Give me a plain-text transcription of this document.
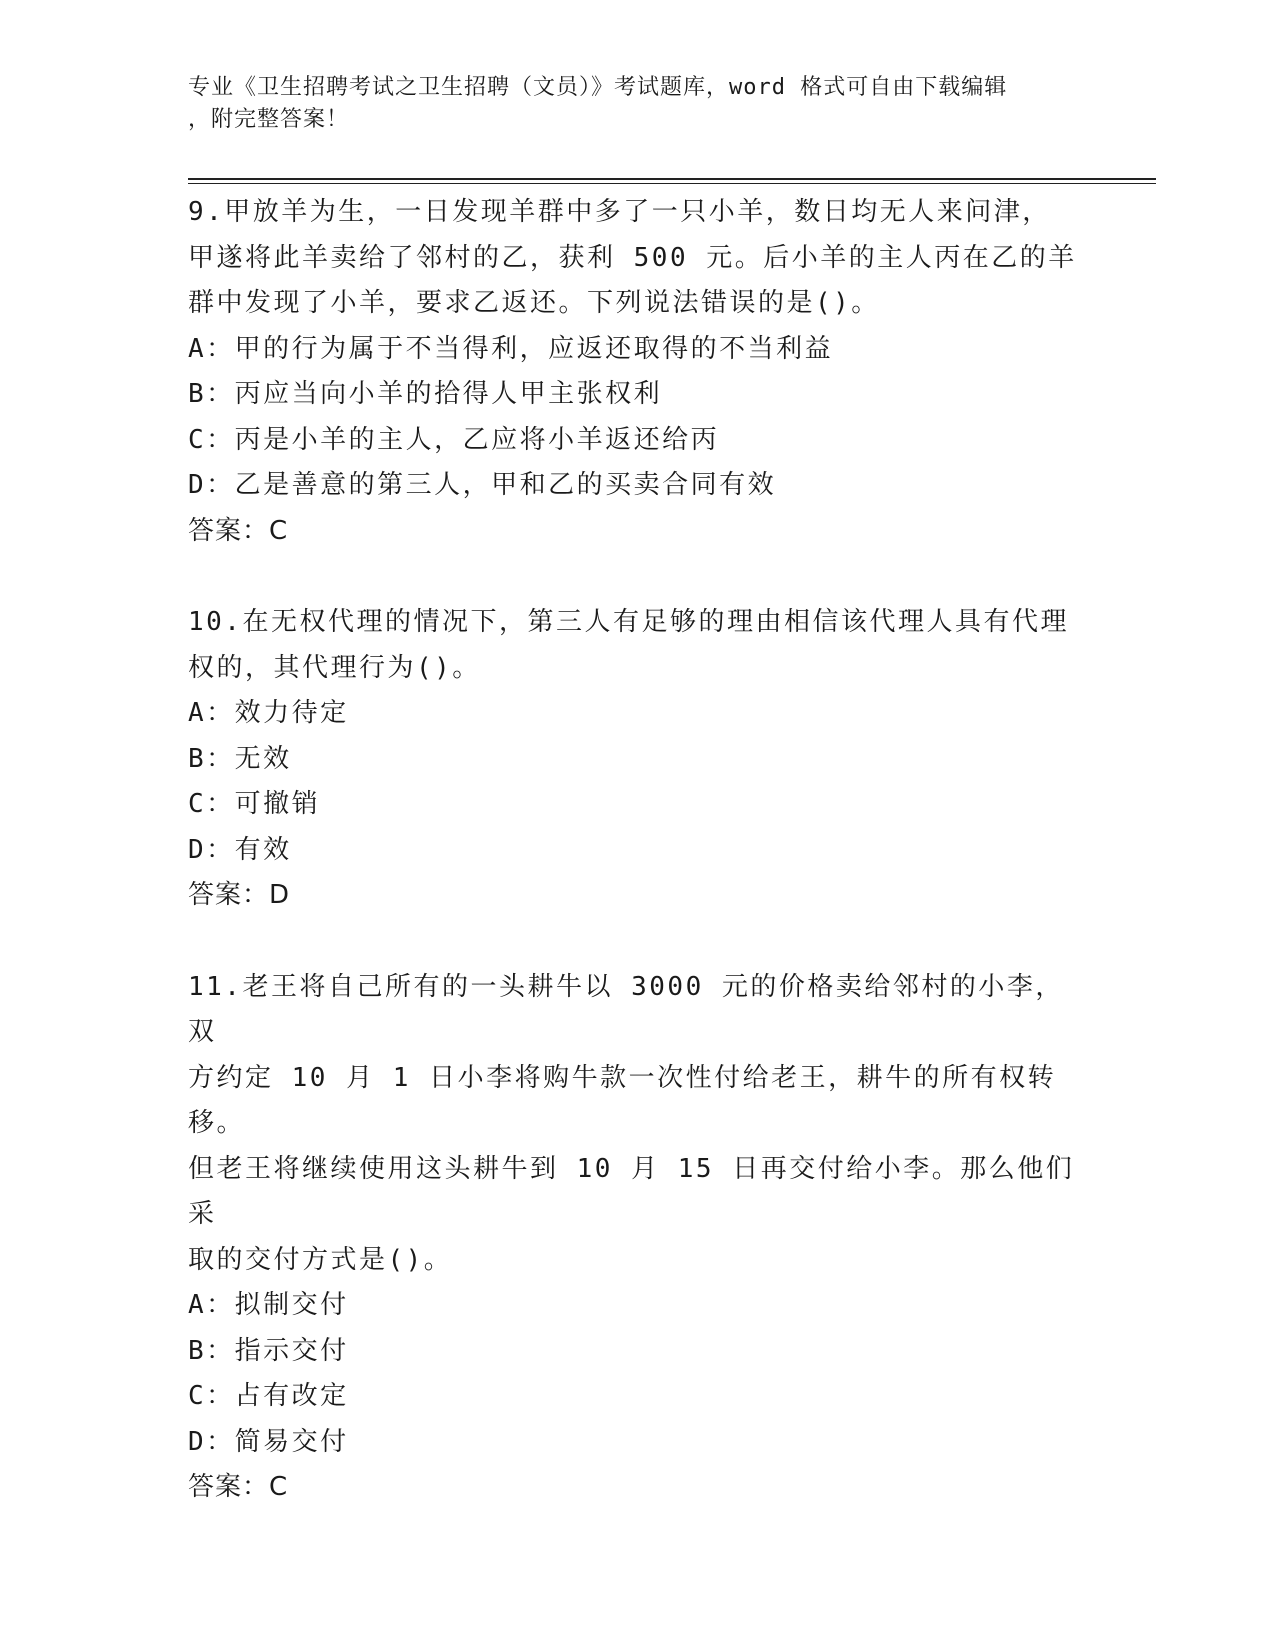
专业《卫生招聘考试之卫生招聘（文员）》考试题库，word 格式可自由下载编辑
，附完整答案！

9.甲放羊为生，一日发现羊群中多了一只小羊，数日均无人来问津，

甲遂将此羊卖给了邻村的乙，获利 500 元。后小羊的主人丙在乙的羊

群中发现了小羊，要求乙返还。下列说法错误的是()。

A：甲的行为属于不当得利，应返还取得的不当利益

B：丙应当向小羊的拾得人甲主张权利

C：丙是小羊的主人，乙应将小羊返还给丙

D：乙是善意的第三人，甲和乙的买卖合同有效

答案：C

10.在无权代理的情况下，第三人有足够的理由相信该代理人具有代理

权的，其代理行为()。

A：效力待定

B：无效

C：可撤销

D：有效

答案：D

11.老王将自己所有的一头耕牛以 3000 元的价格卖给邻村的小李，双

方约定 10 月 1 日小李将购牛款一次性付给老王，耕牛的所有权转移。

但老王将继续使用这头耕牛到 10 月 15 日再交付给小李。那么他们采

取的交付方式是()。

A：拟制交付

B：指示交付

C：占有改定

D：简易交付

答案：C
